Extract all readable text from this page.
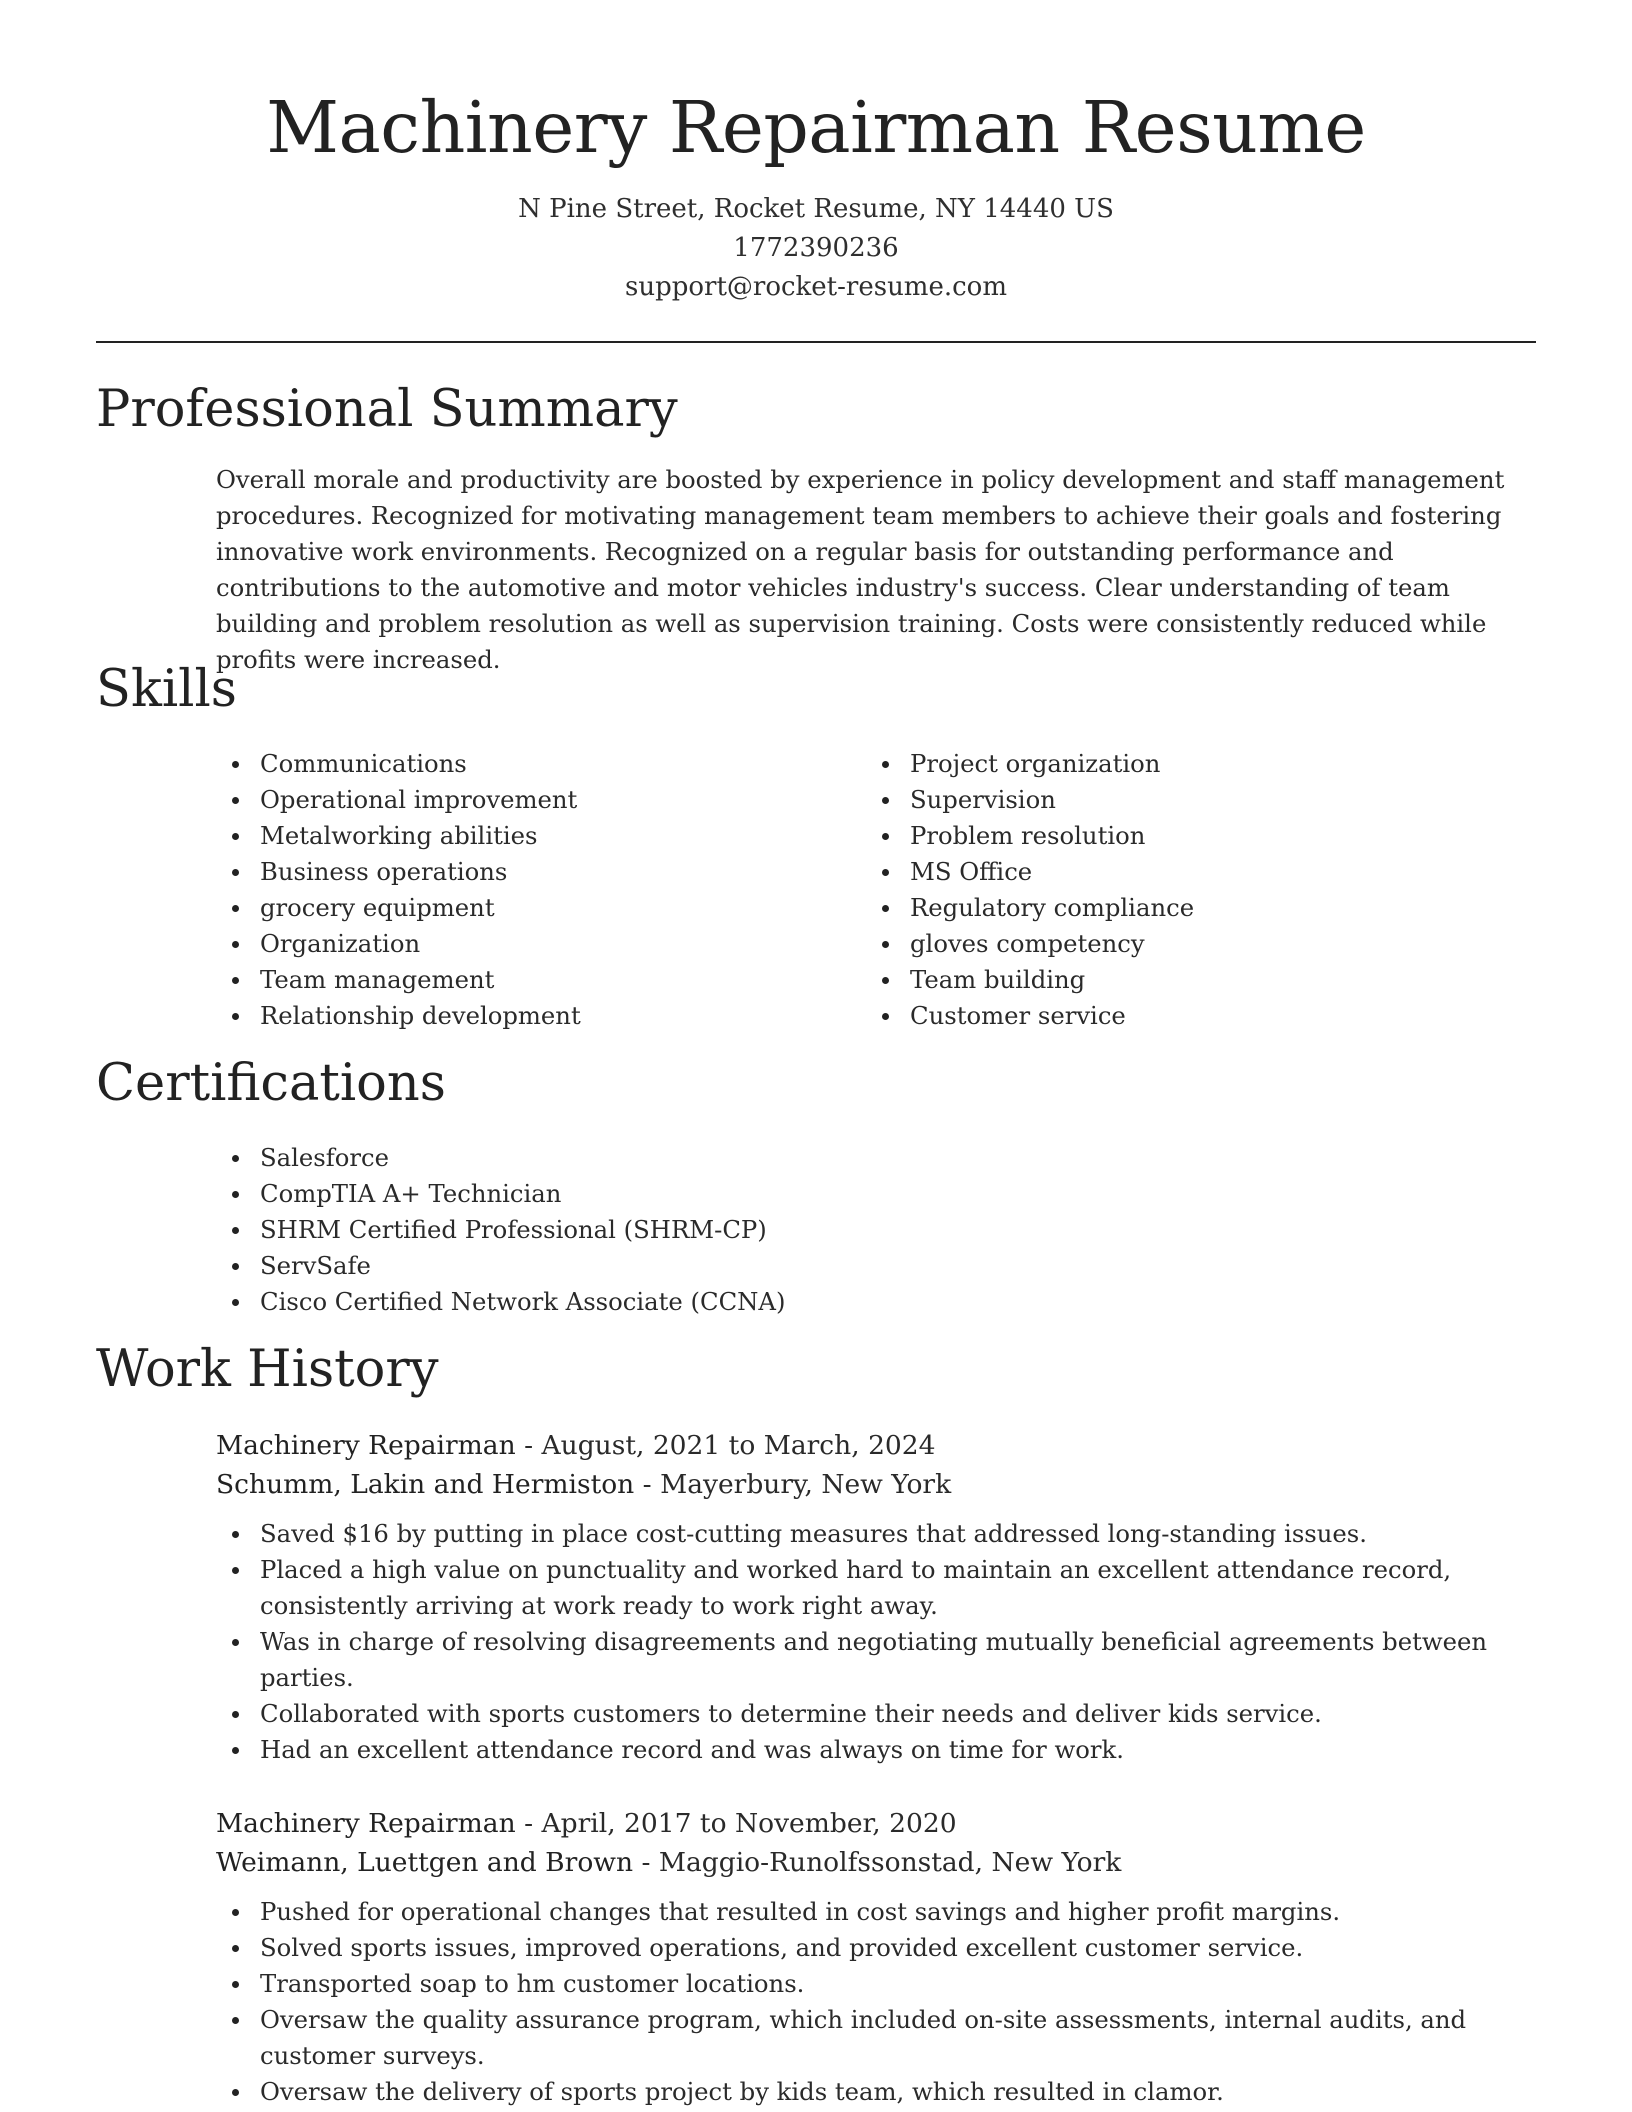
Machinery Repairman Resume
N Pine Street, Rocket Resume, NY 14440 US
1772390236
support@rocket-resume.com
Professional Summary

Overall morale and productivity are boosted by experience in policy development and staff management procedures. Recognized for motivating management team members to achieve their goals and fostering innovative work environments. Recognized on a regular basis for outstanding performance and contributions to the automotive and motor vehicles industry's success. Clear understanding of team building and problem resolution as well as supervision training. Costs were consistently reduced while profits were increased.

Skills
Communications
Operational improvement
Metalworking abilities
Business operations
grocery equipment
Organization
Team management
Relationship development
Project organization
Supervision
Problem resolution
MS Office
Regulatory compliance
gloves competency
Team building
Customer service
Certifications
Salesforce
CompTIA A+ Technician
SHRM Certified Professional (SHRM-CP)
ServSafe
Cisco Certified Network Associate (CCNA)
Work History
Machinery Repairman - August, 2021 to March, 2024
Schumm, Lakin and Hermiston - Mayerbury, New York
Saved $16 by putting in place cost-cutting measures that addressed long-standing issues.
Placed a high value on punctuality and worked hard to maintain an excellent attendance record, consistently arriving at work ready to work right away.
Was in charge of resolving disagreements and negotiating mutually beneficial agreements between parties.
Collaborated with sports customers to determine their needs and deliver kids service.
Had an excellent attendance record and was always on time for work.
Machinery Repairman - April, 2017 to November, 2020
Weimann, Luettgen and Brown - Maggio-Runolfssonstad, New York
Pushed for operational changes that resulted in cost savings and higher profit margins.
Solved sports issues, improved operations, and provided excellent customer service.
Transported soap to hm customer locations.
Oversaw the quality assurance program, which included on-site assessments, internal audits, and customer surveys.
Oversaw the delivery of sports project by kids team, which resulted in clamor.
